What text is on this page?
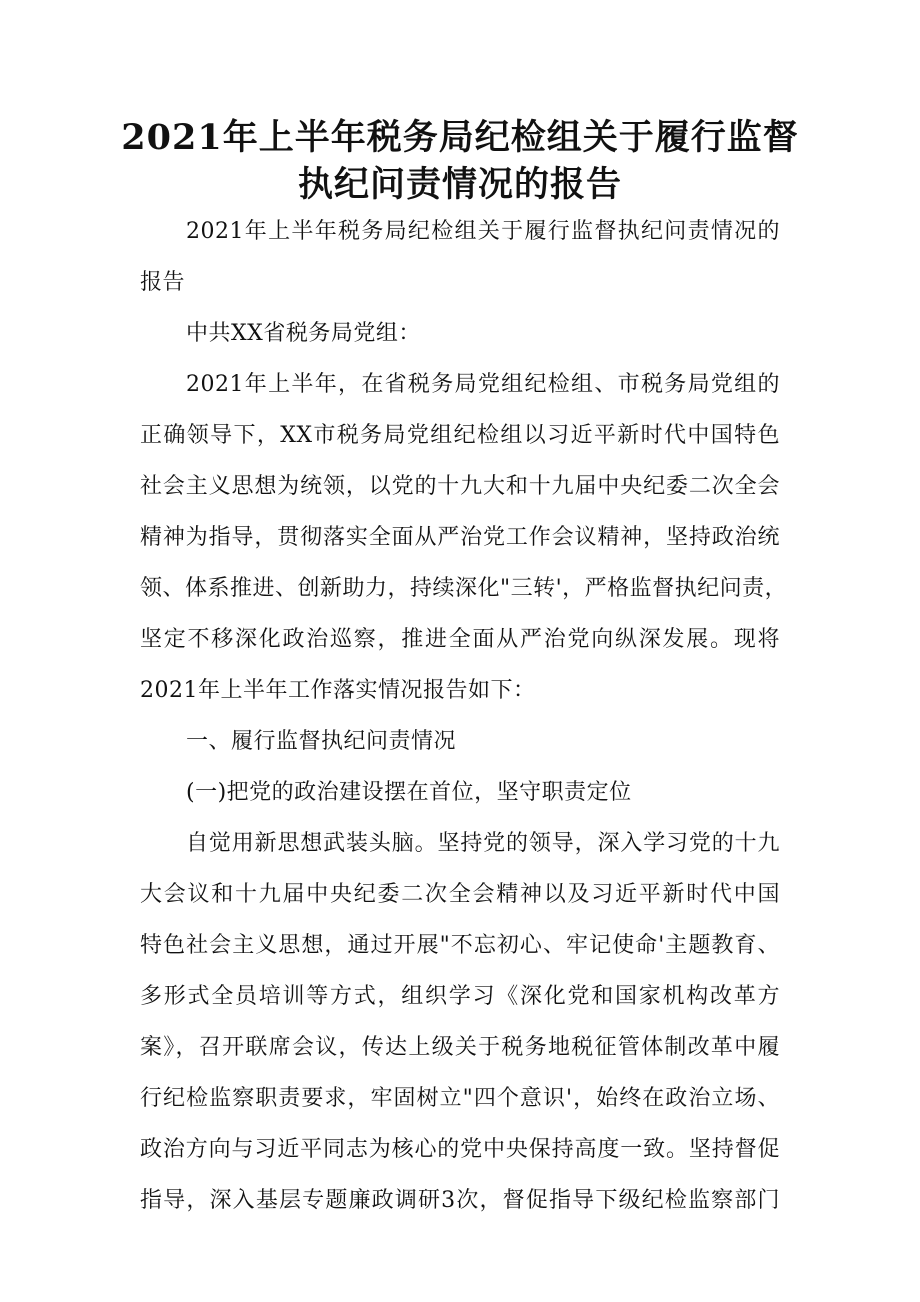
2021年上半年税务局纪检组关于履行监督
执纪问责情况的报告
2021年上半年税务局纪检组关于履行监督执纪问责情况的
报告
中共XX省税务局党组：
2021年上半年，在省税务局党组纪检组、市税务局党组的
正确领导下，XX市税务局党组纪检组以习近平新时代中国特色
社会主义思想为统领，以党的十九大和十九届中央纪委二次全会
精神为指导，贯彻落实全面从严治党工作会议精神，坚持政治统
领、体系推进、创新助力，持续深化"三转'，严格监督执纪问责，
坚定不移深化政治巡察，推进全面从严治党向纵深发展。现将
2021年上半年工作落实情况报告如下：
一、履行监督执纪问责情况
(一)把党的政治建设摆在首位，坚守职责定位
自觉用新思想武装头脑。坚持党的领导，深入学习党的十九
大会议和十九届中央纪委二次全会精神以及习近平新时代中国
特色社会主义思想，通过开展"不忘初心、牢记使命'主题教育、
多形式全员培训等方式，组织学习《深化党和国家机构改革方
案》，召开联席会议，传达上级关于税务地税征管体制改革中履
行纪检监察职责要求，牢固树立"四个意识'，始终在政治立场、
政治方向与习近平同志为核心的党中央保持高度一致。坚持督促
指导，深入基层专题廉政调研3次，督促指导下级纪检监察部门
